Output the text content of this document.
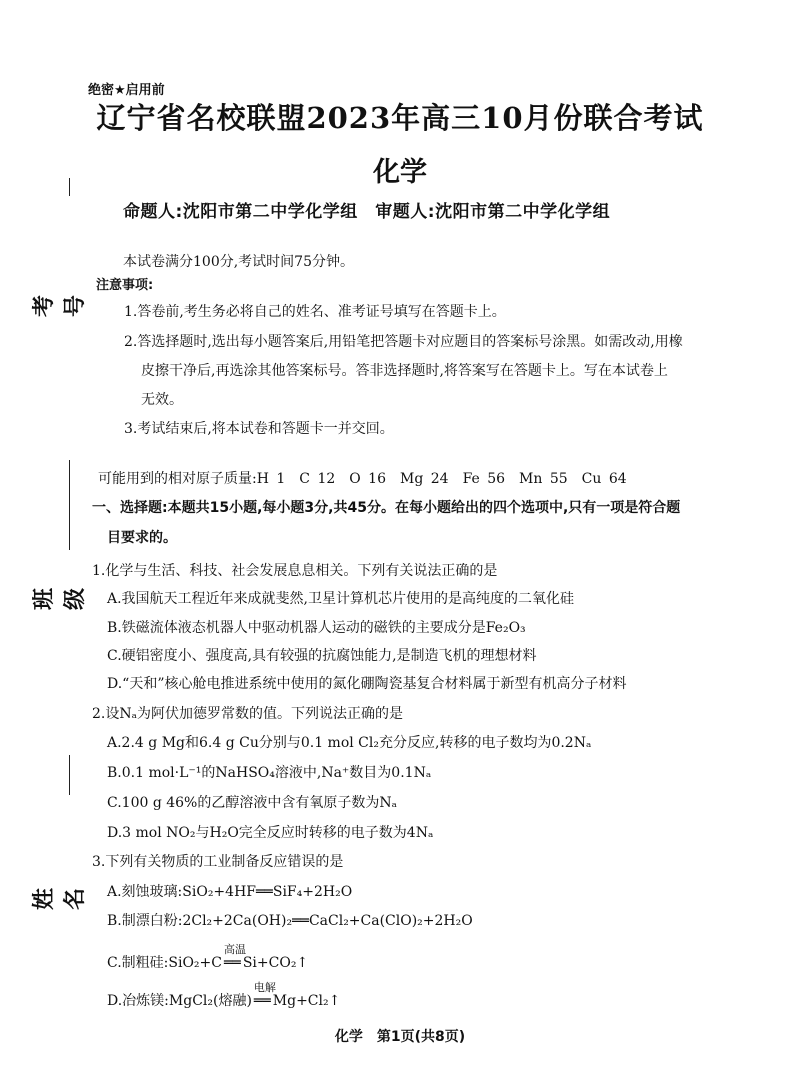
考号
班级
姓名
绝密★启用前
辽宁省名校联盟2023年高三10月份联合考试
化学
命题人:沈阳市第二中学化学组　审题人:沈阳市第二中学化学组
本试卷满分100分,考试时间75分钟。
注意事项:
1.答卷前,考生务必将自己的姓名、准考证号填写在答题卡上。
2.答选择题时,选出每小题答案后,用铅笔把答题卡对应题目的答案标号涂黑。如需改动,用橡
皮擦干净后,再选涂其他答案标号。答非选择题时,将答案写在答题卡上。写在本试卷上
无效。
3.考试结束后,将本试卷和答题卡一并交回。
可能用到的相对原子质量:H 1　C 12　O 16　Mg 24　Fe 56　Mn 55　Cu 64
一、选择题:本题共15小题,每小题3分,共45分。在每小题给出的四个选项中,只有一项是符合题
目要求的。
1.化学与生活、科技、社会发展息息相关。下列有关说法正确的是
A.我国航天工程近年来成就斐然,卫星计算机芯片使用的是高纯度的二氧化硅
B.铁磁流体液态机器人中驱动机器人运动的磁铁的主要成分是Fe₂O₃
C.硬铝密度小、强度高,具有较强的抗腐蚀能力,是制造飞机的理想材料
D.“天和”核心舱电推进系统中使用的氮化硼陶瓷基复合材料属于新型有机高分子材料
2.设Nₐ为阿伏加德罗常数的值。下列说法正确的是
A.2.4 g Mg和6.4 g Cu分别与0.1 mol Cl₂充分反应,转移的电子数均为0.2Nₐ
B.0.1 mol·L⁻¹的NaHSO₄溶液中,Na⁺数目为0.1Nₐ
C.100 g 46%的乙醇溶液中含有氧原子数为Nₐ
D.3 mol NO₂与H₂O完全反应时转移的电子数为4Nₐ
3.下列有关物质的工业制备反应错误的是
A.刻蚀玻璃:SiO₂+4HF══SiF₄+2H₂O
B.制漂白粉:2Cl₂+2Ca(OH)₂══CaCl₂+Ca(ClO)₂+2H₂O
C.制粗硅:SiO₂+C
高温
══ Si+CO₂↑
D.冶炼镁:MgCl₂(熔融)
电解
══ Mg+Cl₂↑
化学　第1页(共8页)
